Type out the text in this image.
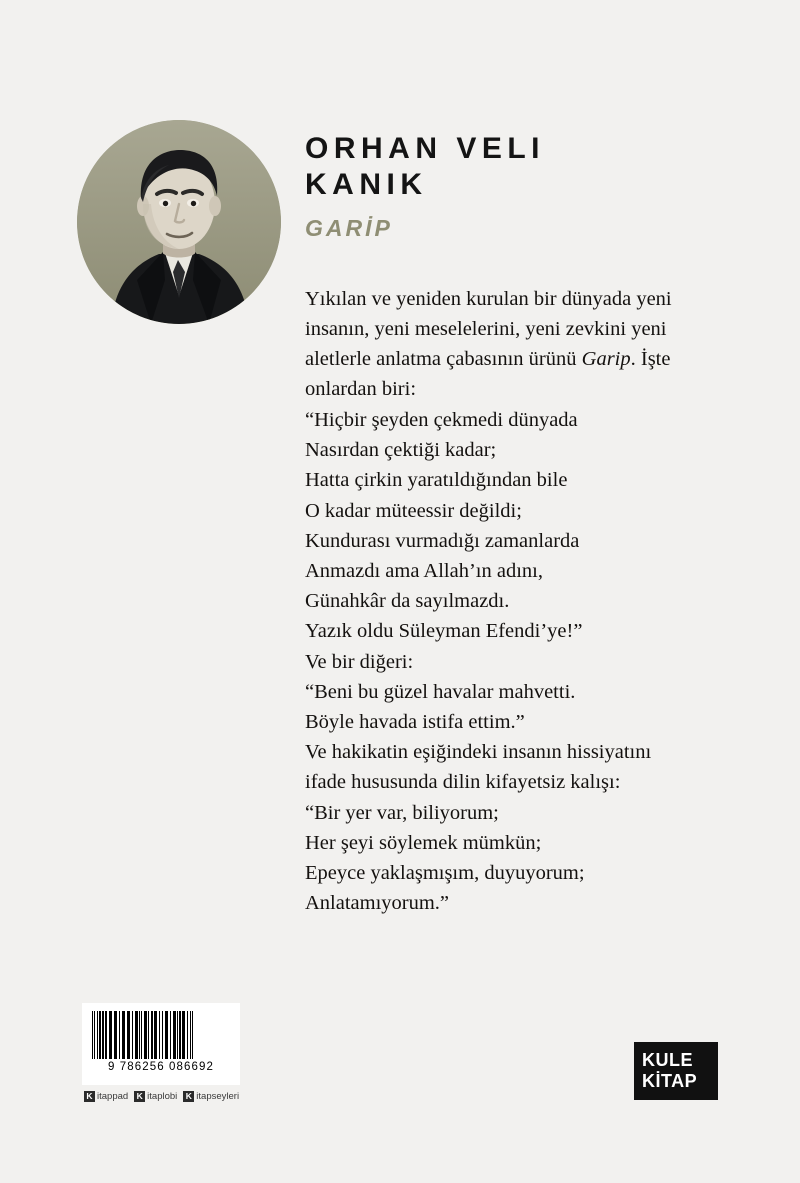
ORHAN VELI
KANIK
GARİP

Yıkılan ve yeniden kurulan bir dünyada yeni insanın, yeni meselelerini, yeni zevkini yeni aletlerle anlatma çabasının ürünü Garip. İşte onlardan biri:

“Hiçbir şeyden çekmedi dünyada
Nasırdan çektiği kadar;
Hatta çirkin yaratıldığından bile
O kadar müteessir değildi;
Kundurası vurmadığı zamanlarda
Anmazdı ama Allah’ın adını,
Günahkâr da sayılmazdı.
Yazık oldu Süleyman Efendi’ye!”
Ve bir diğeri:
“Beni bu güzel havalar mahvetti.
Böyle havada istifa ettim.”
Ve hakikatin eşiğindeki insanın hissiyatını
ifade hususunda dilin kifayetsiz kalışı:
“Bir yer var, biliyorum;
Her şeyi söylemek mümkün;
Epeyce yaklaşmışım, duyuyorum;
Anlatamıyorum.”
9 786256 086692
K itappad K itaplobi K itapseyleri
KULE
KİTAP
